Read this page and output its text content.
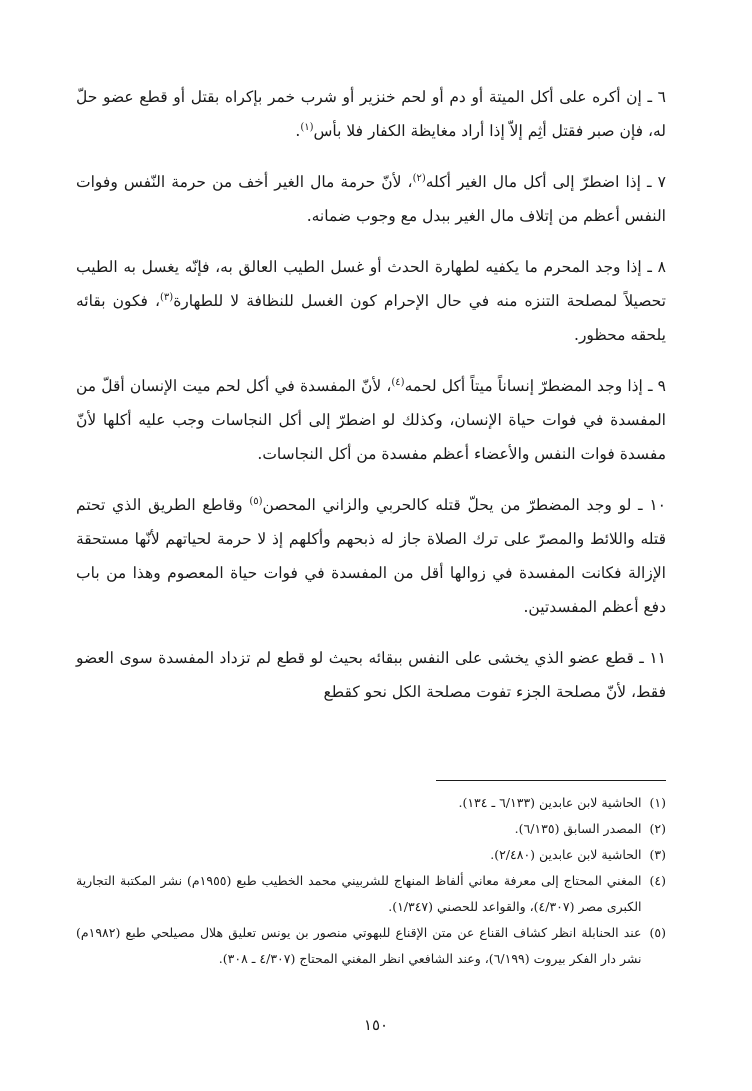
٦ ـ إن أكره على أكل الميتة أو دم أو لحم خنزير أو شرب خمر بإكراه بقتل أو قطع عضو حلّ له، فإن صبر فقتل أثِم إلاّ إذا أراد مغايظة الكفار فلا بأس$^{(١)}$.

٧ ـ إذا اضطرّ إلى أكل مال الغير أكله$^{(٢)}$، لأنّ حرمة مال الغير أخف من حرمة النّفس وفوات النفس أعظم من إتلاف مال الغير ببدل مع وجوب ضمانه.

٨ ـ إذا وجد المحرم ما يكفيه لطهارة الحدث أو غسل الطيب العالق به، فإنّه يغسل به الطيب تحصيلاً لمصلحة التنزه منه في حال الإحرام كون الغسل للنظافة لا للطهارة$^{(٣)}$، فكون بقائه يلحقه محظور.

٩ ـ إذا وجد المضطرّ إنساناً ميتاً أكل لحمه$^{(٤)}$، لأنّ المفسدة في أكل لحم ميت الإنسان أقلّ من المفسدة في فوات حياة الإنسان، وكذلك لو اضطرّ إلى أكل النجاسات وجب عليه أكلها لأنّ مفسدة فوات النفس والأعضاء أعظم مفسدة من أكل النجاسات.

١٠ ـ لو وجد المضطرّ من يحلّ قتله كالحربي والزاني المحصن$^{(٥)}$ وقاطع الطريق الذي تحتم قتله واللائط والمصرّ على ترك الصلاة جاز له ذبحهم وأكلهم إذ لا حرمة لحياتهم لأنّها مستحقة الإزالة فكانت المفسدة في زوالها أقل من المفسدة في فوات حياة المعصوم وهذا من باب دفع أعظم المفسدتين.

١١ ـ قطع عضو الذي يخشى على النفس ببقائه بحيث لو قطع لم تزداد المفسدة سوى العضو فقط، لأنّ مصلحة الجزء تفوت مصلحة الكل نحو كقطع

(١)
الحاشية لابن عابدين (٦/١٣٣ ـ ١٣٤).
(٢)
المصدر السابق (٦/١٣٥).
(٣)
الحاشية لابن عابدين (٢/٤٨٠).
(٤)
المغني المحتاج إلى معرفة معاني ألفاظ المنهاج للشربيني محمد الخطيب طبع (١٩٥٥م) نشر المكتبة التجارية الكبرى مصر (٤/٣٠٧)، والقواعد للحصني (١/٣٤٧).
(٥)
عند الحنابلة انظر كشاف القناع عن متن الإقناع للبهوتي منصور بن يونس تعليق هلال مصيلحي طبع (١٩٨٢م) نشر دار الفكر بيروت (٦/١٩٩)، وعند الشافعي انظر المغني المحتاج (٤/٣٠٧ ـ ٣٠٨).
١٥٠
